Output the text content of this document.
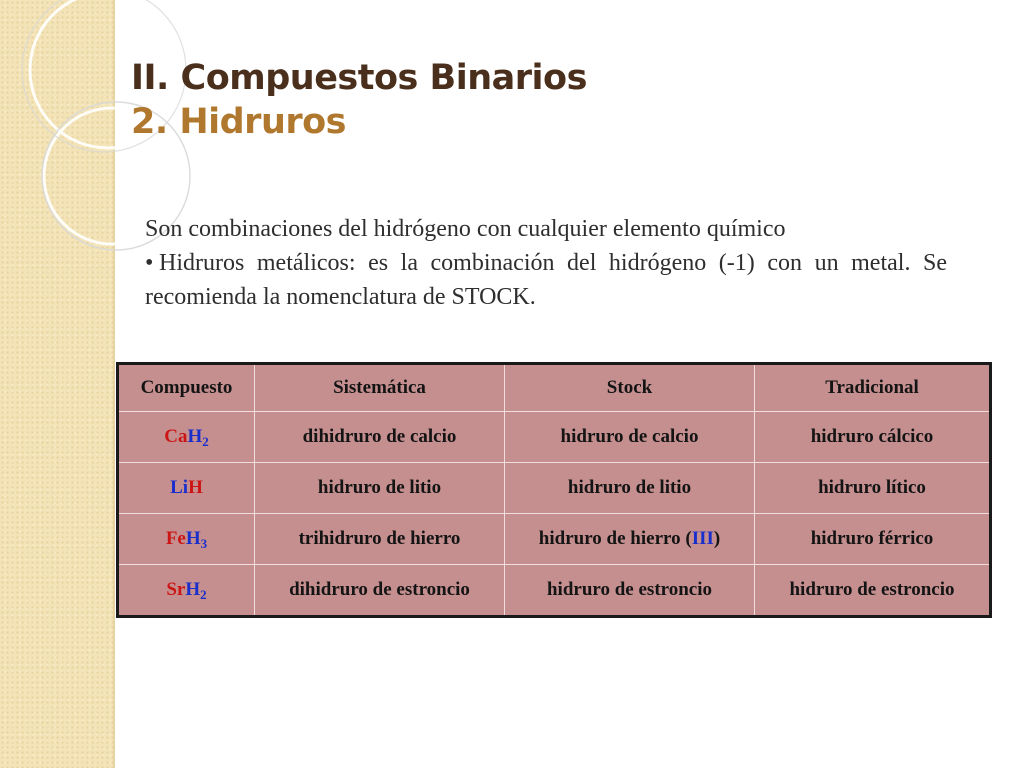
II. Compuestos Binarios
2. Hidruros

Son combinaciones del hidrógeno con cualquier elemento químico

• Hidruros metálicos: es la combinación del hidrógeno (-1) con un metal. Se recomienda la nomenclatura de STOCK.

Compuesto	Sistemática	Stock	Tradicional
CaH$_2$	dihidruro de calcio	hidruro de calcio	hidruro cálcico
LiH	hidruro de litio	hidruro de litio	hidruro lítico
FeH$_3$	trihidruro de hierro	hidruro de hierro (III)	hidruro férrico
SrH$_2$	dihidruro de estroncio	hidruro de estroncio	hidruro de estroncio
